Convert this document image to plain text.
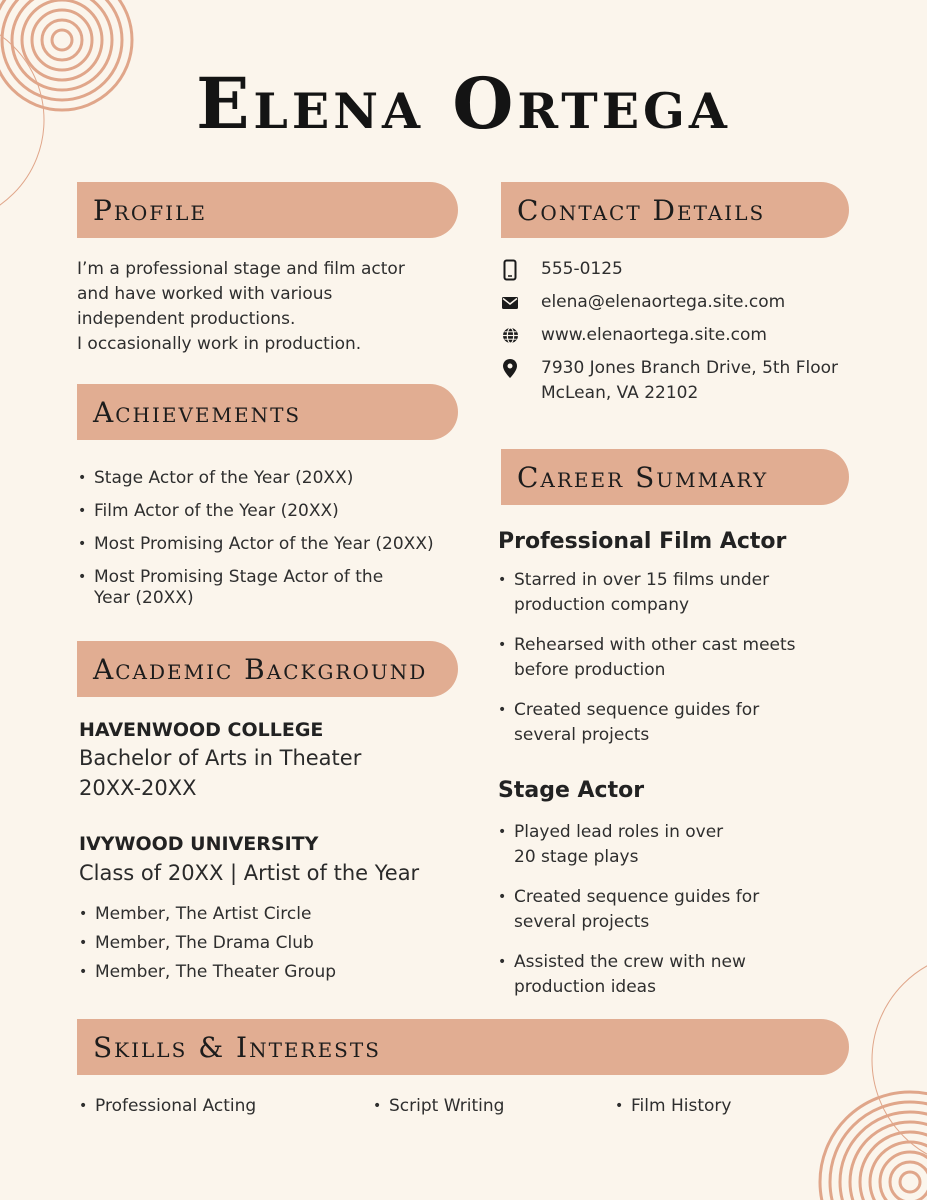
Elena Ortega
Profile
I’m a professional stage and film actor
and have worked with various
independent productions.
I occasionally work in production.
Achievements
• Stage Actor of the Year (20XX)
• Film Actor of the Year (20XX)
• Most Promising Actor of the Year (20XX)
• Most Promising Stage Actor of the
Year (20XX)
Academic Background
HAVENWOOD COLLEGE
Bachelor of Arts in Theater
20XX-20XX
IVYWOOD UNIVERSITY
Class of 20XX | Artist of the Year
• Member, The Artist Circle
• Member, The Drama Club
• Member, The Theater Group
Contact Details
555-0125
elena@elenaortega.site.com
www.elenaortega.site.com
7930 Jones Branch Drive, 5th Floor
McLean, VA 22102
Career Summary
Professional Film Actor
• Starred in over 15 films under
production company
• Rehearsed with other cast meets
before production
• Created sequence guides for
several projects
Stage Actor
• Played lead roles in over
20 stage plays
• Created sequence guides for
several projects
• Assisted the crew with new
production ideas
Skills & Interests
• Professional Acting	• Script Writing	• Film History
